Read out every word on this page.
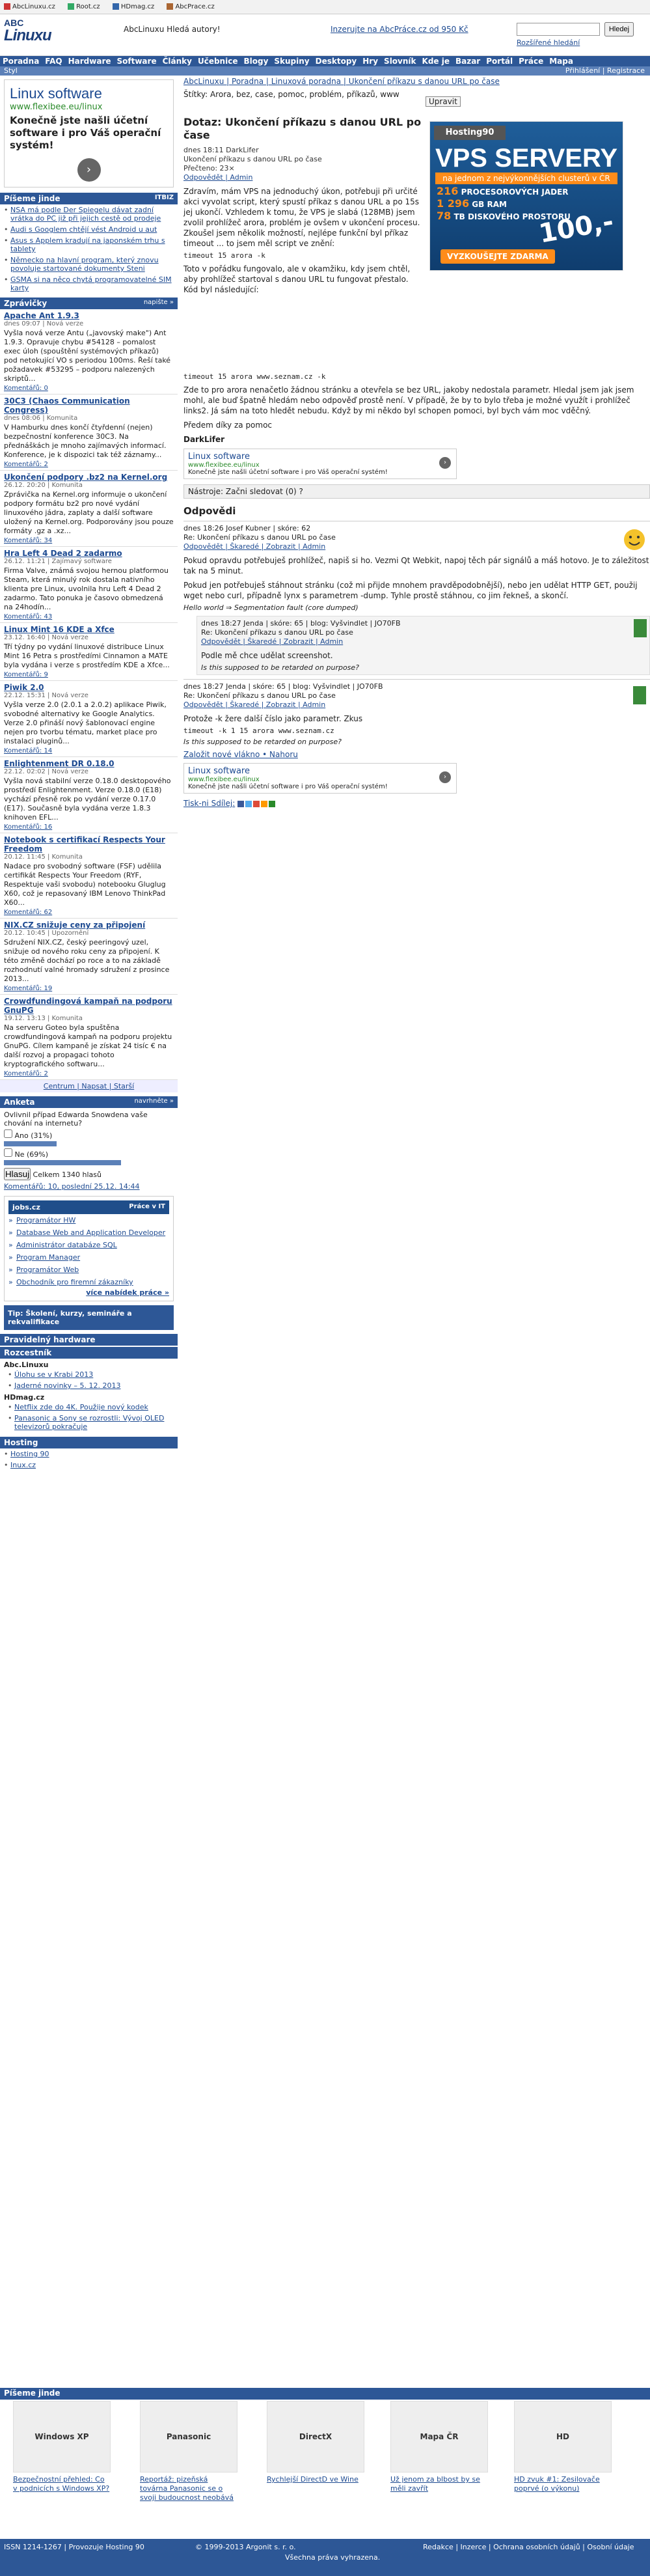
AbcLinuxu.cz	Root.cz	HDmag.cz	AbcPrace.cz
ABC
Linuxu	AbcLinuxu Hledá autory!	Inzerujte na AbcPráce.cz od 950 Kč	Hledej
Rozšířené hledání
Poradna FAQ Hardware Software Články Učebnice Blogy Skupiny Desktopy Hry Slovník Kde je Bazar Portál Práce Mapa
Styl	Přihlášení | Registrace
Linux software
www.flexibee.eu/linux
Konečně jste našli účetní software i pro Váš operační systém!
›
Píšeme jinde	ITBIZ
• NSA má podle Der Spiegelu dávat zadní vrátka do PC již při jejich cestě od prodeje
• Audi s Googlem chtějí vést Android u aut
• Asus s Applem kradují na japonském trhu s tablety
• Německo na hlavní program, který znovu povoluje startované dokumenty Steni
• GSMA si na něco chytá programovatelné SIM karty
Zprávičky	napište »
Apache Ant 1.9.3
dnes 09:07 | Nová verze
Vyšla nová verze Antu („javovský make") Ant 1.9.3. Opravuje chybu #54128 – pomalost exec úloh (spouštění systémových příkazů) pod netokující VO s periodou 100ms. Řeší také požadavek #53295 – podporu nalezených skriptů...
Komentářů: 0
30C3 (Chaos Communication Congress)
dnes 08:06 | Komunita
V Hamburku dnes končí čtyřdenní (nejen) bezpečnostní konference 30C3. Na přednáškách je mnoho zajímavých informací. Konference, je k dispozici tak též záznamy...
Komentářů: 2
Ukončení podpory .bz2 na Kernel.org
26.12. 20:20 | Komunita
Zprávička na Kernel.org informuje o ukončení podpory formátu bz2 pro nové vydání linuxového jádra, zaplaty a další software uložený na Kernel.org. Podporovány jsou pouze formáty .gz a .xz...
Komentářů: 34
Hra Left 4 Dead 2 zadarmo
26.12. 11:21 | Zajímavý software
Firma Valve, známá svojou hernou platformou Steam, která minulý rok dostala nativního klienta pre Linux, uvolnila hru Left 4 Dead 2 zadarmo. Tato ponuka je časovo obmedzená na 24hodín...
Komentářů: 43
Linux Mint 16 KDE a Xfce
23.12. 16:40 | Nová verze
Tří týdny po vydání linuxové distribuce Linux Mint 16 Petra s prostředími Cinnamon a MATE byla vydána i verze s prostředím KDE a Xfce...
Komentářů: 9
Piwik 2.0
22.12. 15:31 | Nová verze
Vyšla verze 2.0 (2.0.1 a 2.0.2) aplikace Piwik, svobodné alternativy ke Google Analytics. Verze 2.0 přináší nový šablonovací engine nejen pro tvorbu tématu, market place pro instalaci pluginů...
Komentářů: 14
Enlightenment DR 0.18.0
22.12. 02:02 | Nová verze
Vyšla nová stabilní verze 0.18.0 desktopového prostředí Enlightenment. Verze 0.18.0 (E18) vychází přesně rok po vydání verze 0.17.0 (E17). Současně byla vydána verze 1.8.3 knihoven EFL...
Komentářů: 16
Notebook s certifikací Respects Your Freedom
20.12. 11:45 | Komunita
Nadace pro svobodný software (FSF) udělila certifikát Respects Your Freedom (RYF, Respektuje vaši svobodu) notebooku Gluglug X60, což je repasovaný IBM Lenovo ThinkPad X60...
Komentářů: 62
NIX.CZ snižuje ceny za připojení
20.12. 10:45 | Upozornění
Sdružení NIX.CZ, český peeringový uzel, snižuje od nového roku ceny za připojení. K této změně dochází po roce a to na základě rozhodnutí valné hromady sdružení z prosince 2013...
Komentářů: 19
Crowdfundingová kampaň na podporu GnuPG
19.12. 13:13 | Komunita
Na serveru Goteo byla spuštěna crowdfundingová kampaň na podporu projektu GnuPG. Cílem kampaně je získat 24 tisíc € na další rozvoj a propagaci tohoto kryptografického softwaru...
Komentářů: 2
Centrum | Napsat | Starší
Anketa	navrhněte »
Ovlivnil případ Edwarda Snowdena vaše chování na internetu?
Ano (31%)
Ne (69%)
Hlasuj Celkem 1340 hlasů
Komentářů: 10, poslední 25.12. 14:44
jobs.cz	Práce v IT
» Programátor HW
» Database Web and Application Developer
» Administrátor databáze SQL
» Program Manager
» Programátor Web
» Obchodník pro firemní zákazníky
více nabídek práce »
Tip: Školení, kurzy, semináře a rekvalifikace
Pravidelný hardware
Rozcestník
Abc.Linuxu
• Úlohu se v Krabi 2013
• Jaderné novinky – 5. 12. 2013
HDmag.cz
• Netflix zde do 4K. Použije nový kodek
• Panasonic a Sony se rozrostli: Vývoj OLED televizorů pokračuje
Hosting
• Hosting 90
• Inux.cz
AbcLinuxu | Poradna | Linuxová poradna | Ukončení příkazu s danou URL po čase
Štítky: Arora, bez, case, pomoc, problém, příkazů, www
Upravit
Dotaz: Ukončení příkazu s danou URL po čase
dnes 18:11 DarkLifer
Ukončení příkazu s danou URL po čase
Přečteno: 23×
Odpovědět | Admin
Zdravím, mám VPS na jednoduchý úkon, potřebuji při určité akci vyvolat script, který spustí příkaz s danou URL a po 15s jej ukončí. Vzhledem k tomu, že VPS je slabá (128MB) jsem zvolil prohlížeč arora, problém je ovšem v ukončení procesu. Zkoušel jsem několik možností, nejlépe funkční byl příkaz timeout ... to jsem měl script ve znění:
timeout 15 arora -k
Toto v pořádku fungovalo, ale v okamžiku, kdy jsem chtěl, aby prohlížeč startoval s danou URL tu fungovat přestalo. Kód byl následující:
Hosting90
VPS SERVERY
na jednom z nejvýkonnějších clusterů v ČR
216 PROCESOROVÝCH JADER
1 296 GB RAM
78 TB DISKOVÉHO PROSTORU
100,-
VYZKOUŠEJTE ZDARMA
timeout 15 arora www.seznam.cz -k
Zde to pro arora nenačetlo žádnou stránku a otevřela se bez URL, jakoby nedostala parametr. Hledal jsem jak jsem mohl, ale buď špatně hledám nebo odpověď prostě není. V případě, že by to bylo třeba je možné využít i prohlížeč links2. Já sám na toto hledět nebudu. Když by mi někdo byl schopen pomoci, byl bych vám moc vděčný.
Předem díky za pomoc
DarkLifer
Linux software
www.flexibee.eu/linux
Konečně jste našli účetní software i pro Váš operační systém!
›
Nástroje: Začni sledovat (0) ?
Odpovědi
dnes 18:26 Josef Kubner | skóre: 62
Re: Ukončení příkazu s danou URL po čase
Odpovědět | Škaredé | Zobrazit | Admin
Pokud opravdu potřebuješ prohlížeč, napiš si ho. Vezmi Qt Webkit, napoj těch pár signálů a máš hotovo. Je to záležitost tak na 5 minut.
Pokud jen potřebuješ stáhnout stránku (což mi přijde mnohem pravděpodobnější), nebo jen udělat HTTP GET, použij wget nebo curl, případně lynx s parametrem -dump. Tyhle prostě stáhnou, co jim řekneš, a skončí.
Hello world ⇒ Segmentation fault (core dumped)
dnes 18:27 Jenda | skóre: 65 | blog: Vyšvindlet | JO70FB
Re: Ukončení příkazu s danou URL po čase
Odpovědět | Škaredé | Zobrazit | Admin
Podle mě chce udělat screenshot.
Is this supposed to be retarded on purpose?
dnes 18:27 Jenda | skóre: 65 | blog: Vyšvindlet | JO70FB
Re: Ukončení příkazu s danou URL po čase
Odpovědět | Škaredé | Zobrazit | Admin
Protože -k žere další číslo jako parametr. Zkus
timeout -k 1 15 arora www.seznam.cz
Is this supposed to be retarded on purpose?
Založit nové vlákno • Nahoru
Linux software
www.flexibee.eu/linux
Konečně jste našli účetní software i pro Váš operační systém!
›
Tisk-ni Sdílej:
Píšeme jinde
Windows XP
Bezpečnostní přehled: Co v podnicích s Windows XP?
Panasonic
Reportáž: pizeňská továrna Panasonic se o svoji budoucnost neobává
DirectX
Rychlejší DirectD ve Wine
Mapa ČR
Už jenom za blbost by se měli zavřít
HD
HD zvuk #1: Zesilovače poprvé (o výkonu)
ISSN 1214-1267 | Provozuje Hosting 90	© 1999-2013 Argonit s. r. o.	Redakce | Inzerce | Ochrana osobních údajů | Osobní údaje
Všechna práva vyhrazena.
